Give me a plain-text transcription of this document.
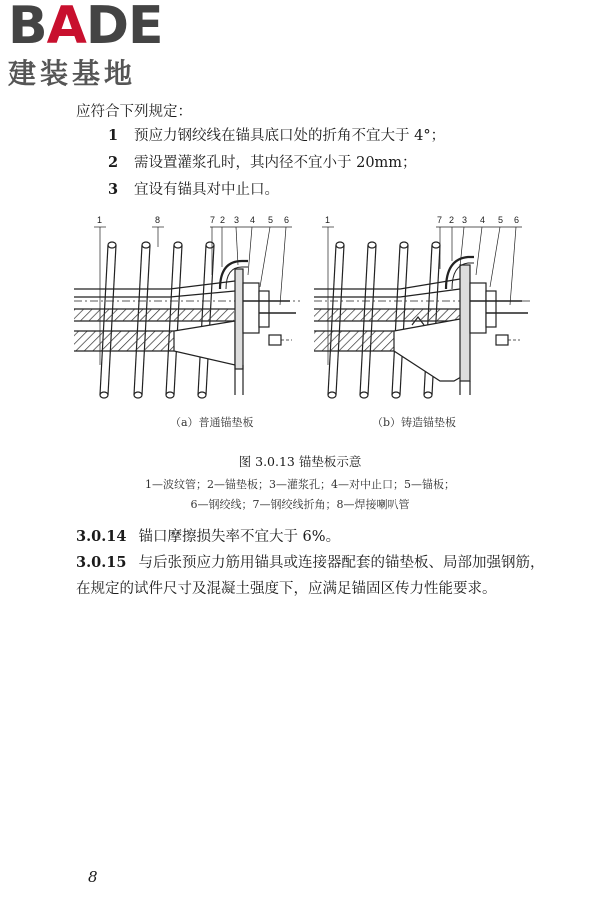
BADE
建装基地
应符合下列规定：
1 预应力钢绞线在锚具底口处的折角不宜大于 4°；
2 需设置灌浆孔时，其内径不宜小于 20mm；
3 宜设有锚具对中止口。
1	8	7 2 3 4 5 6	1	7 2 3 4 5 6
（a）普通锚垫板	（b）铸造锚垫板
图 3.0.13 锚垫板示意
1—波纹管；2—锚垫板；3—灌浆孔；4—对中止口；5—锚板；
6—钢绞线；7—钢绞线折角；8—焊接喇叭管
3.0.14 锚口摩擦损失率不宜大于 6%。
3.0.15 与后张预应力筋用锚具或连接器配套的锚垫板、局部加强钢筋，在规定的试件尺寸及混凝土强度下，应满足锚固区传力性能要求。
8
